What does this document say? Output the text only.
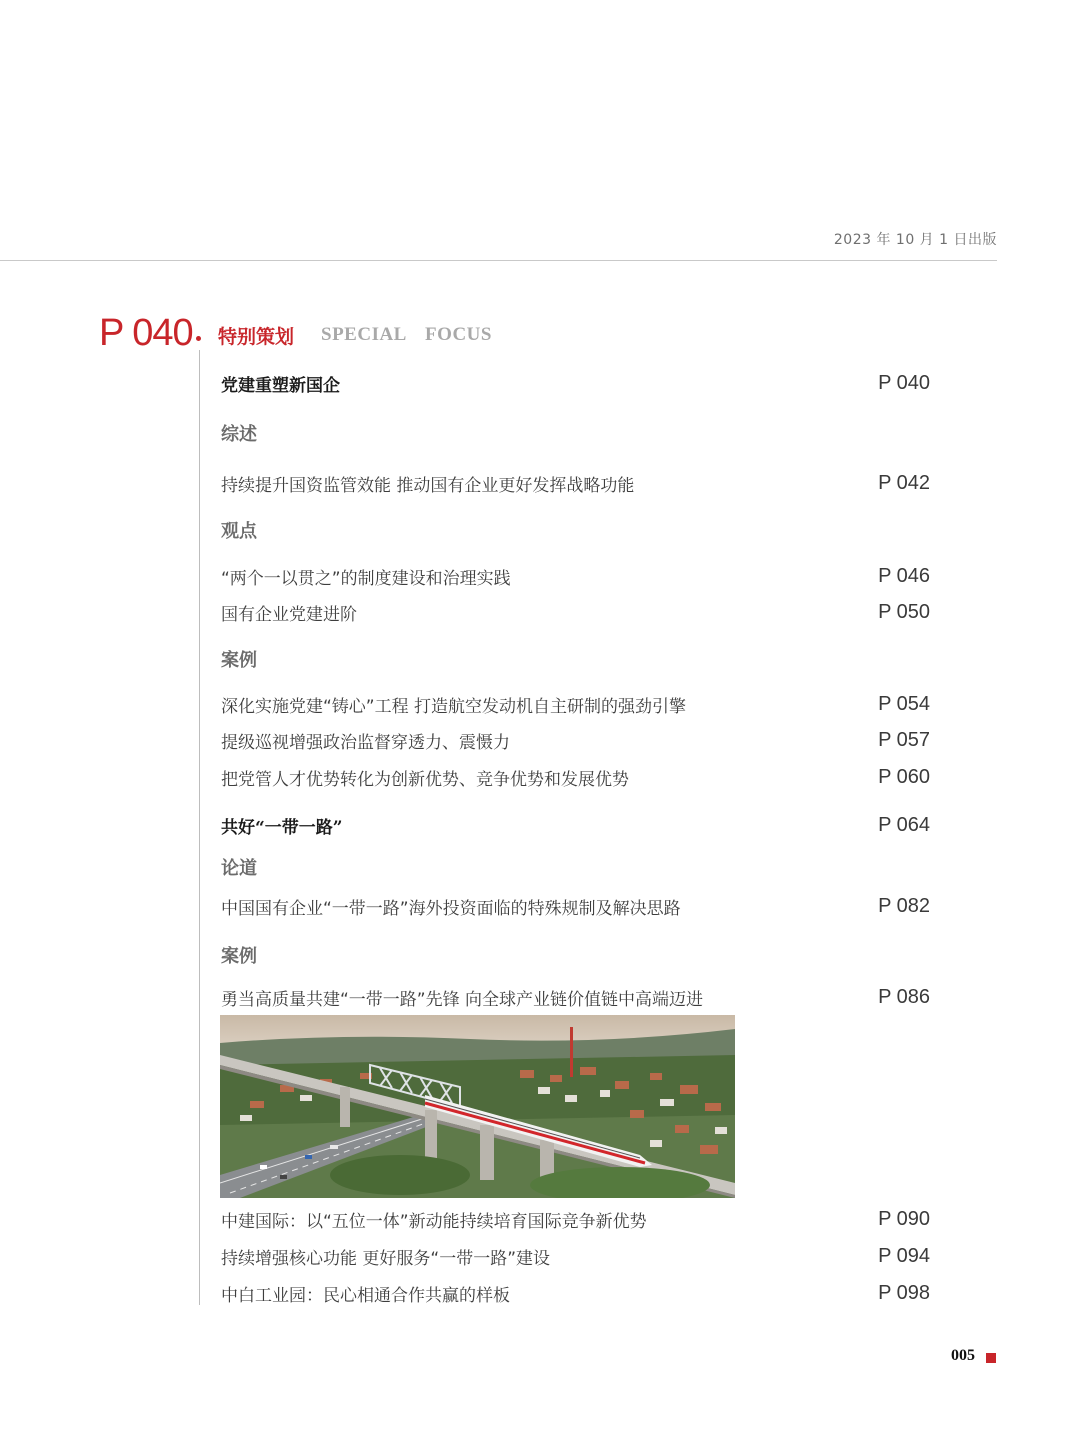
2023 年 10 月 1 日出版
P 040 特别策划 SPECIAL FOCUS
党建重塑新国企	P 040
综述
持续提升国资监管效能 推动国有企业更好发挥战略功能	P 042
观点
“两个一以贯之”的制度建设和治理实践	P 046
国有企业党建进阶	P 050
案例
深化实施党建“铸心”工程 打造航空发动机自主研制的强劲引擎	P 054
提级巡视增强政治监督穿透力、震慑力	P 057
把党管人才优势转化为创新优势、竞争优势和发展优势	P 060
共好“一带一路”	P 064
论道
中国国有企业“一带一路”海外投资面临的特殊规制及解决思路	P 082
案例
勇当高质量共建“一带一路”先锋 向全球产业链价值链中高端迈进	P 086
中建国际：以“五位一体”新动能持续培育国际竞争新优势	P 090
持续增强核心功能 更好服务“一带一路”建设	P 094
中白工业园：民心相通合作共赢的样板	P 098
005
